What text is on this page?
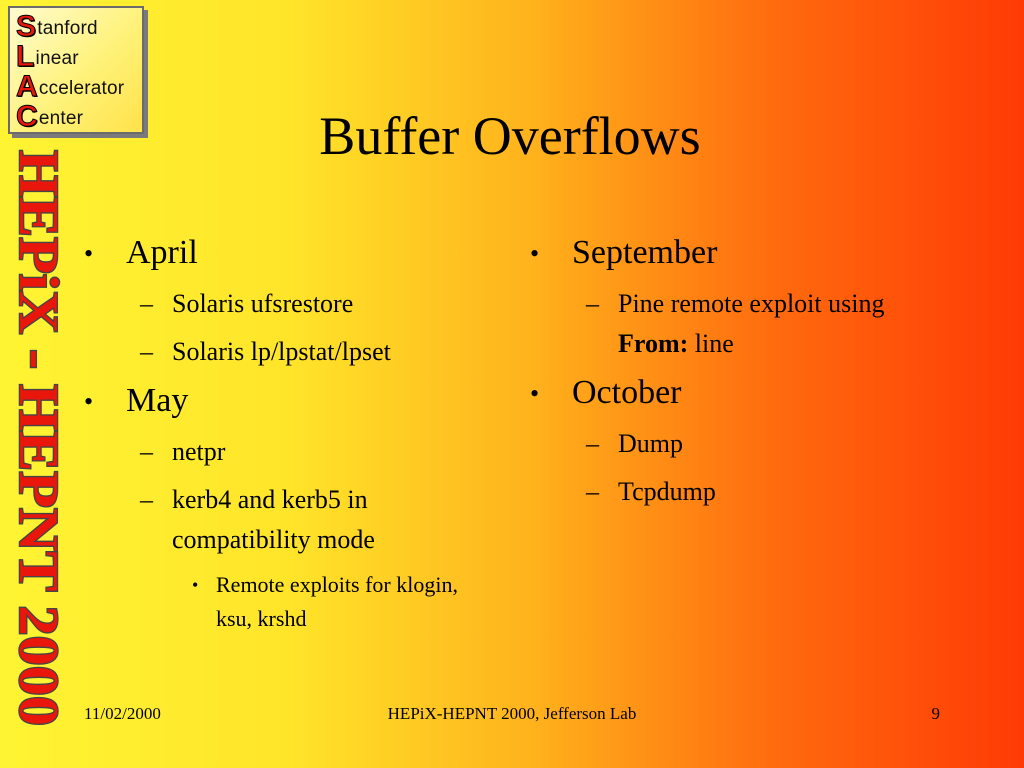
Stanford
Linear
Accelerator
Center
HEPiX - HEPNT 2000
Buffer Overflows
• April
– Solaris ufsrestore
– Solaris lp/lpstat/lpset
• May
– netpr
– kerb4 and kerb5 in compatibility mode
• Remote exploits for klogin, ksu, krshd
• September
– Pine remote exploit using From: line
• October
– Dump
– Tcpdump
HEPiX-HEPNT 2000, Jefferson Lab
11/02/2000	9
